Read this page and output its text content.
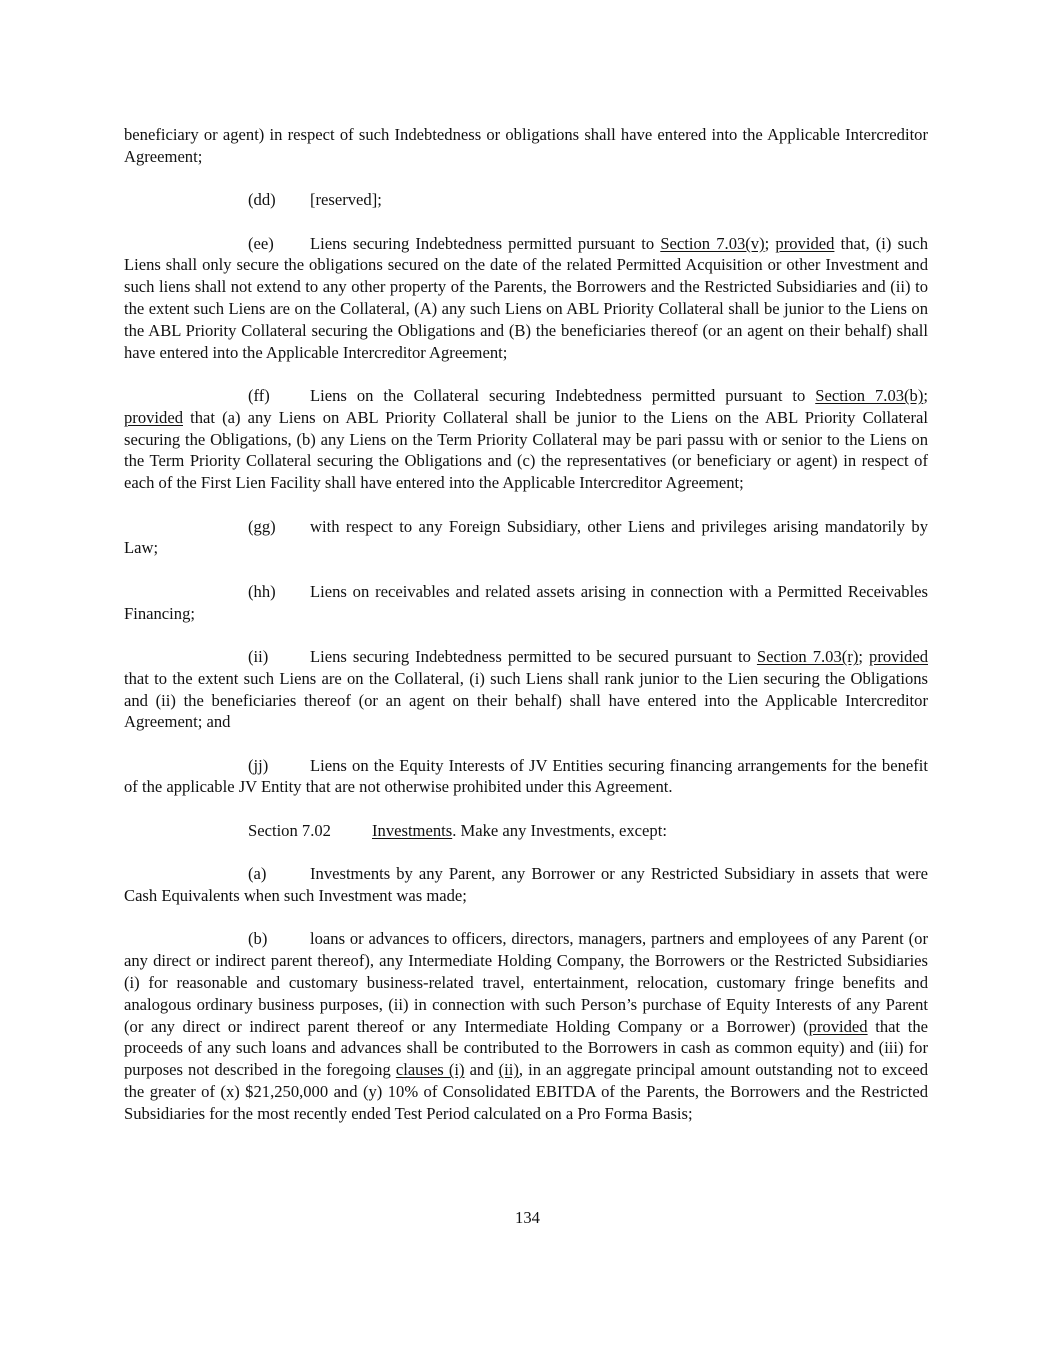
beneficiary or agent) in respect of such Indebtedness or obligations shall have entered into the Applicable Intercreditor Agreement;

(dd) [reserved];

(ee) Liens securing Indebtedness permitted pursuant to Section 7.03(v); provided that, (i) such Liens shall only secure the obligations secured on the date of the related Permitted Acquisition or other Investment and such liens shall not extend to any other property of the Parents, the Borrowers and the Restricted Subsidiaries and (ii) to the extent such Liens are on the Collateral, (A) any such Liens on ABL Priority Collateral shall be junior to the Liens on the ABL Priority Collateral securing the Obligations and (B) the beneficiaries thereof (or an agent on their behalf) shall have entered into the Applicable Intercreditor Agreement;

(ff) Liens on the Collateral securing Indebtedness permitted pursuant to Section 7.03(b); provided that (a) any Liens on ABL Priority Collateral shall be junior to the Liens on the ABL Priority Collateral securing the Obligations, (b) any Liens on the Term Priority Collateral may be pari passu with or senior to the Liens on the Term Priority Collateral securing the Obligations and (c) the representatives (or beneficiary or agent) in respect of each of the First Lien Facility shall have entered into the Applicable Intercreditor Agreement;

(gg) with respect to any Foreign Subsidiary, other Liens and privileges arising mandatorily by Law;

(hh) Liens on receivables and related assets arising in connection with a Permitted Receivables Financing;

(ii)	Liens securing Indebtedness permitted to be secured pursuant to Section 7.03(r); provided that to the extent such Liens are on the Collateral, (i) such Liens shall rank junior to the Lien securing the Obligations and (ii) the beneficiaries thereof (or an agent on their behalf) shall have entered into the Applicable Intercreditor Agreement; and

(jj)	Liens on the Equity Interests of JV Entities securing financing arrangements for the benefit of the applicable JV Entity that are not otherwise prohibited under this Agreement.

Section 7.02 Investments. Make any Investments, except:

(a)	Investments by any Parent, any Borrower or any Restricted Subsidiary in assets that were Cash Equivalents when such Investment was made;

(b)	loans or advances to officers, directors, managers, partners and employees of any Parent (or any direct or indirect parent thereof), any Intermediate Holding Company, the Borrowers or the Restricted Subsidiaries (i) for reasonable and customary business-related travel, entertainment, relocation, customary fringe benefits and analogous ordinary business purposes, (ii) in connection with such Person’s purchase of Equity Interests of any Parent (or any direct or indirect parent thereof or any Intermediate Holding Company or a Borrower) (provided that the proceeds of any such loans and advances shall be contributed to the Borrowers in cash as common equity) and (iii) for purposes not described in the foregoing clauses (i) and (ii), in an aggregate principal amount outstanding not to exceed the greater of (x) $21,250,000 and (y) 10% of Consolidated EBITDA of the Parents, the Borrowers and the Restricted Subsidiaries for the most recently ended Test Period calculated on a Pro Forma Basis;

134
